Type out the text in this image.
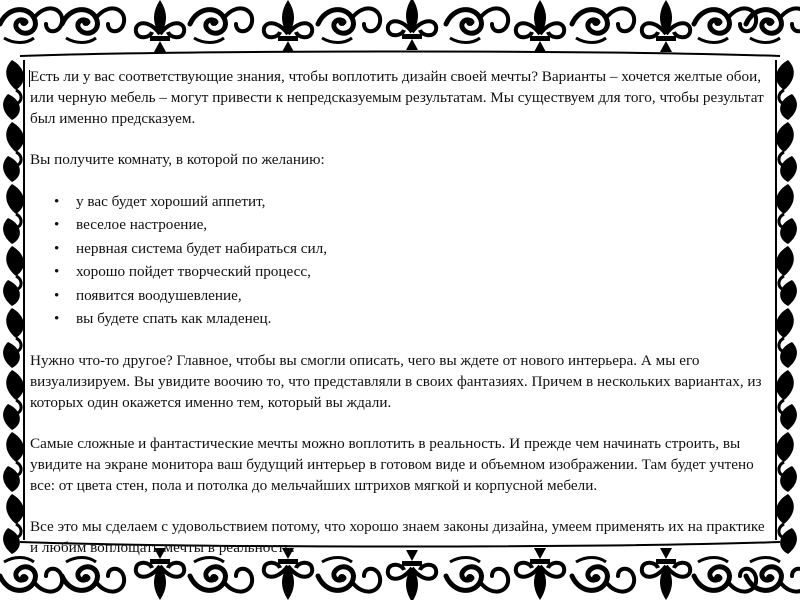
Есть ли у вас соответствующие знания, чтобы воплотить дизайн своей мечты? Варианты – хочется желтые обои, или черную мебель – могут привести к непредсказуемым результатам. Мы существуем для того, чтобы результат был именно предсказуем.

Вы получите комнату, в которой по желанию:

• у вас будет хороший аппетит,
• веселое настроение,
• нервная система будет набираться сил,
• хорошо пойдет творческий процесс,
• появится воодушевление,
• вы будете спать как младенец.

Нужно что-то другое? Главное, чтобы вы смогли описать, чего вы ждете от нового интерьера. А мы его визуализируем. Вы увидите воочию то, что представляли в своих фантазиях. Причем в нескольких вариантах, из которых один окажется именно тем, который вы ждали.

Самые сложные и фантастические мечты можно воплотить в реальность. И прежде чем начинать строить, вы увидите на экране монитора ваш будущий интерьер в готовом виде и объемном изображении. Там будет учтено все: от цвета стен, пола и потолка до мельчайших штрихов мягкой и корпусной мебели.

Все это мы сделаем с удовольствием потому, что хорошо знаем законы дизайна, умеем применять их на практике и любим воплощать мечты в реальность.
